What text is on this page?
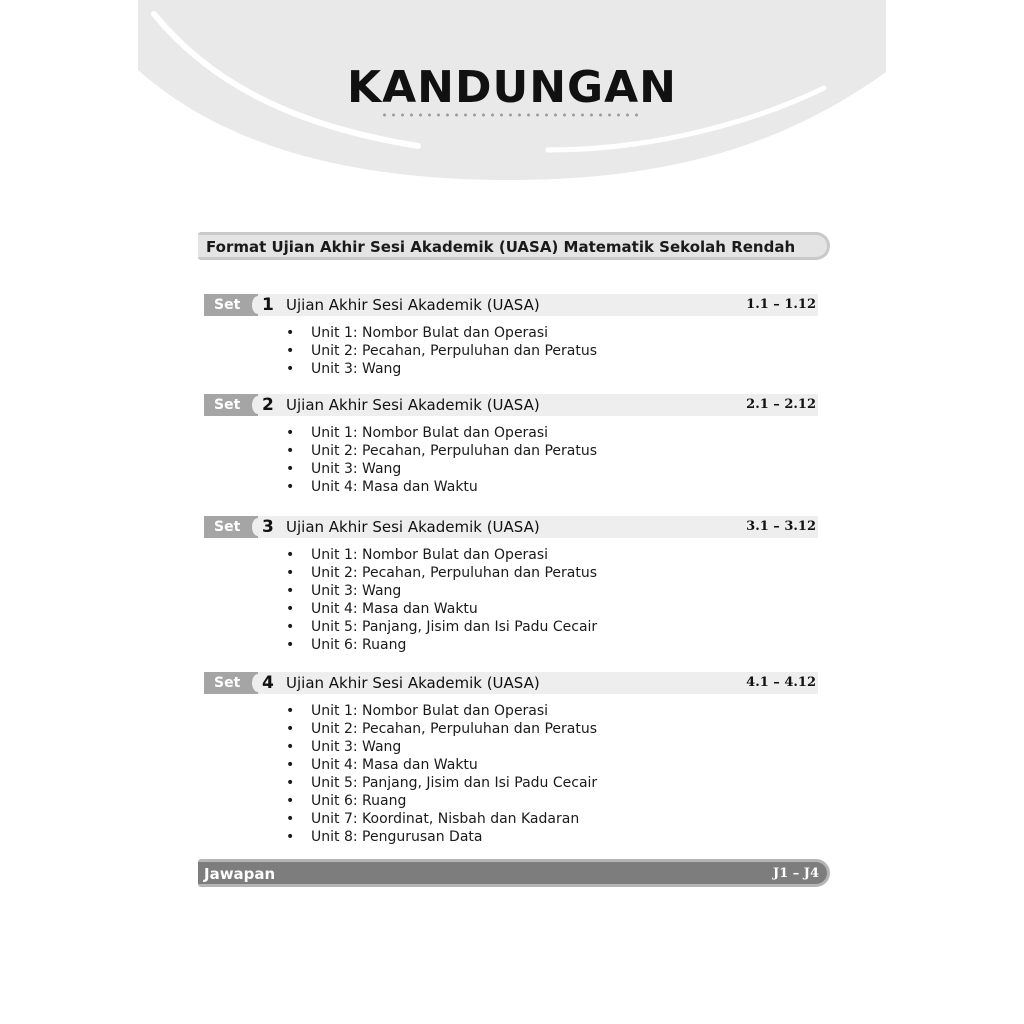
KANDUNGAN
Format Ujian Akhir Sesi Akademik (UASA) Matematik Sekolah Rendah
Set	1 Ujian Akhir Sesi Akademik (UASA)	1.1 – 1.12
• Unit 1: Nombor Bulat dan Operasi
• Unit 2: Pecahan, Perpuluhan dan Peratus
• Unit 3: Wang
Set	2 Ujian Akhir Sesi Akademik (UASA)	2.1 – 2.12
• Unit 1: Nombor Bulat dan Operasi
• Unit 2: Pecahan, Perpuluhan dan Peratus
• Unit 3: Wang
• Unit 4: Masa dan Waktu
Set	3 Ujian Akhir Sesi Akademik (UASA)	3.1 – 3.12
• Unit 1: Nombor Bulat dan Operasi
• Unit 2: Pecahan, Perpuluhan dan Peratus
• Unit 3: Wang
• Unit 4: Masa dan Waktu
• Unit 5: Panjang, Jisim dan Isi Padu Cecair
• Unit 6: Ruang
Set	4 Ujian Akhir Sesi Akademik (UASA)	4.1 – 4.12
• Unit 1: Nombor Bulat dan Operasi
• Unit 2: Pecahan, Perpuluhan dan Peratus
• Unit 3: Wang
• Unit 4: Masa dan Waktu
• Unit 5: Panjang, Jisim dan Isi Padu Cecair
• Unit 6: Ruang
• Unit 7: Koordinat, Nisbah dan Kadaran
• Unit 8: Pengurusan Data
Jawapan	J1 – J4
